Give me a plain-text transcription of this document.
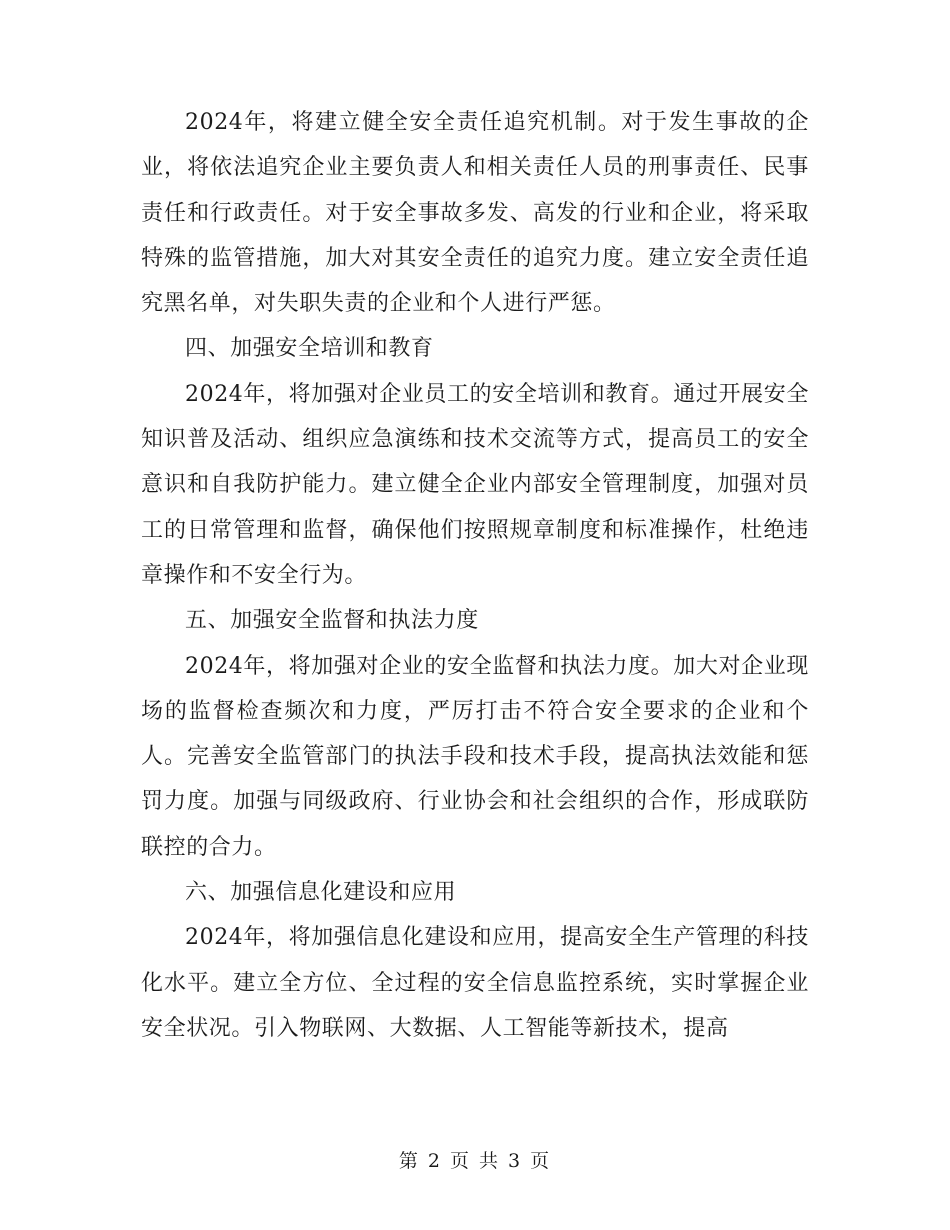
2024年，将建立健全安全责任追究机制。对于发生事故的企业，将依法追究企业主要负责人和相关责任人员的刑事责任、民事责任和行政责任。对于安全事故多发、高发的行业和企业，将采取特殊的监管措施，加大对其安全责任的追究力度。建立安全责任追究黑名单，对失职失责的企业和个人进行严惩。

四、加强安全培训和教育

2024年，将加强对企业员工的安全培训和教育。通过开展安全知识普及活动、组织应急演练和技术交流等方式，提高员工的安全意识和自我防护能力。建立健全企业内部安全管理制度，加强对员工的日常管理和监督，确保他们按照规章制度和标准操作，杜绝违章操作和不安全行为。

五、加强安全监督和执法力度

2024年，将加强对企业的安全监督和执法力度。加大对企业现场的监督检查频次和力度，严厉打击不符合安全要求的企业和个人。完善安全监管部门的执法手段和技术手段，提高执法效能和惩罚力度。加强与同级政府、行业协会和社会组织的合作，形成联防联控的合力。

六、加强信息化建设和应用

2024年，将加强信息化建设和应用，提高安全生产管理的科技化水平。建立全方位、全过程的安全信息监控系统，实时掌握企业安全状况。引入物联网、大数据、人工智能等新技术，提高

第 2 页 共 3 页
